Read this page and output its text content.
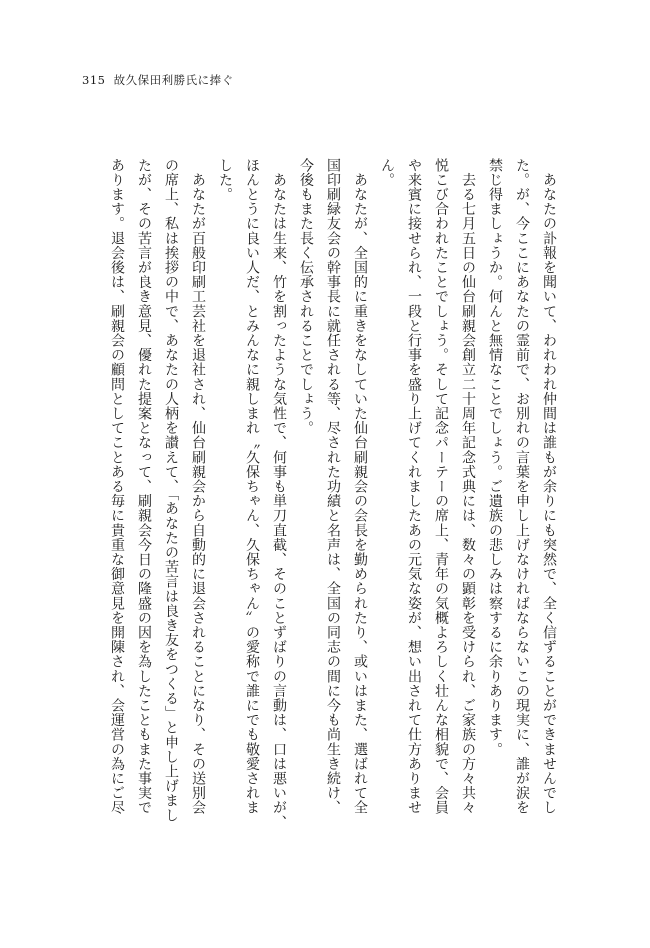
315 故久保田利勝氏に捧ぐ
　あなたの訃報を聞いて、われわれ仲間は誰もが余りにも突然で、全く信ずることができませんでし
た。が、今ここにあなたの霊前で、お別れの言葉を申し上げなければならないこの現実に、誰が涙を
禁じ得ましょうか。何んと無情なことでしょう。ご遺族の悲しみは察するに余りあります。
　去る七月五日の仙台刷親会創立二十周年記念式典には、数々の顕彰を受けられ、ご家族の方々共々
悦こび合われたことでしょう。そして記念パーテーの席上、青年の気概よろしく壮んな相貌で、会員
や来賓に接せられ、一段と行事を盛り上げてくれましたあの元気な姿が、想い出されて仕方ありませ
ん。
　あなたが、全国的に重きをなしていた仙台刷親会の会長を勤められたり、或いはまた、選ばれて全
国印刷緑友会の幹事長に就任される等、尽された功績と名声は、全国の同志の間に今も尚生き続け、
今後もまた長く伝承されることでしょう。
　あなたは生来、竹を割ったような気性で、何事も単刀直截、そのことずばりの言動は、口は悪いが、
ほんとうに良い人だ、とみんなに親しまれ〝久保ちゃん、久保ちゃん〟の愛称で誰にでも敬愛されま
した。
　あなたが百般印刷工芸社を退社され、仙台刷親会から自動的に退会されることになり、その送別会
の席上、私は挨拶の中で、あなたの人柄を讃えて、「あなたの苦言は良き友をつくる」と申し上げまし
たが、その苦言が良き意見、優れた提案となって、刷親会今日の隆盛の因を為したこともまた事実で
あります。退会後は、刷親会の顧問としてことある毎に貴重な御意見を開陳され、会運営の為にご尽
